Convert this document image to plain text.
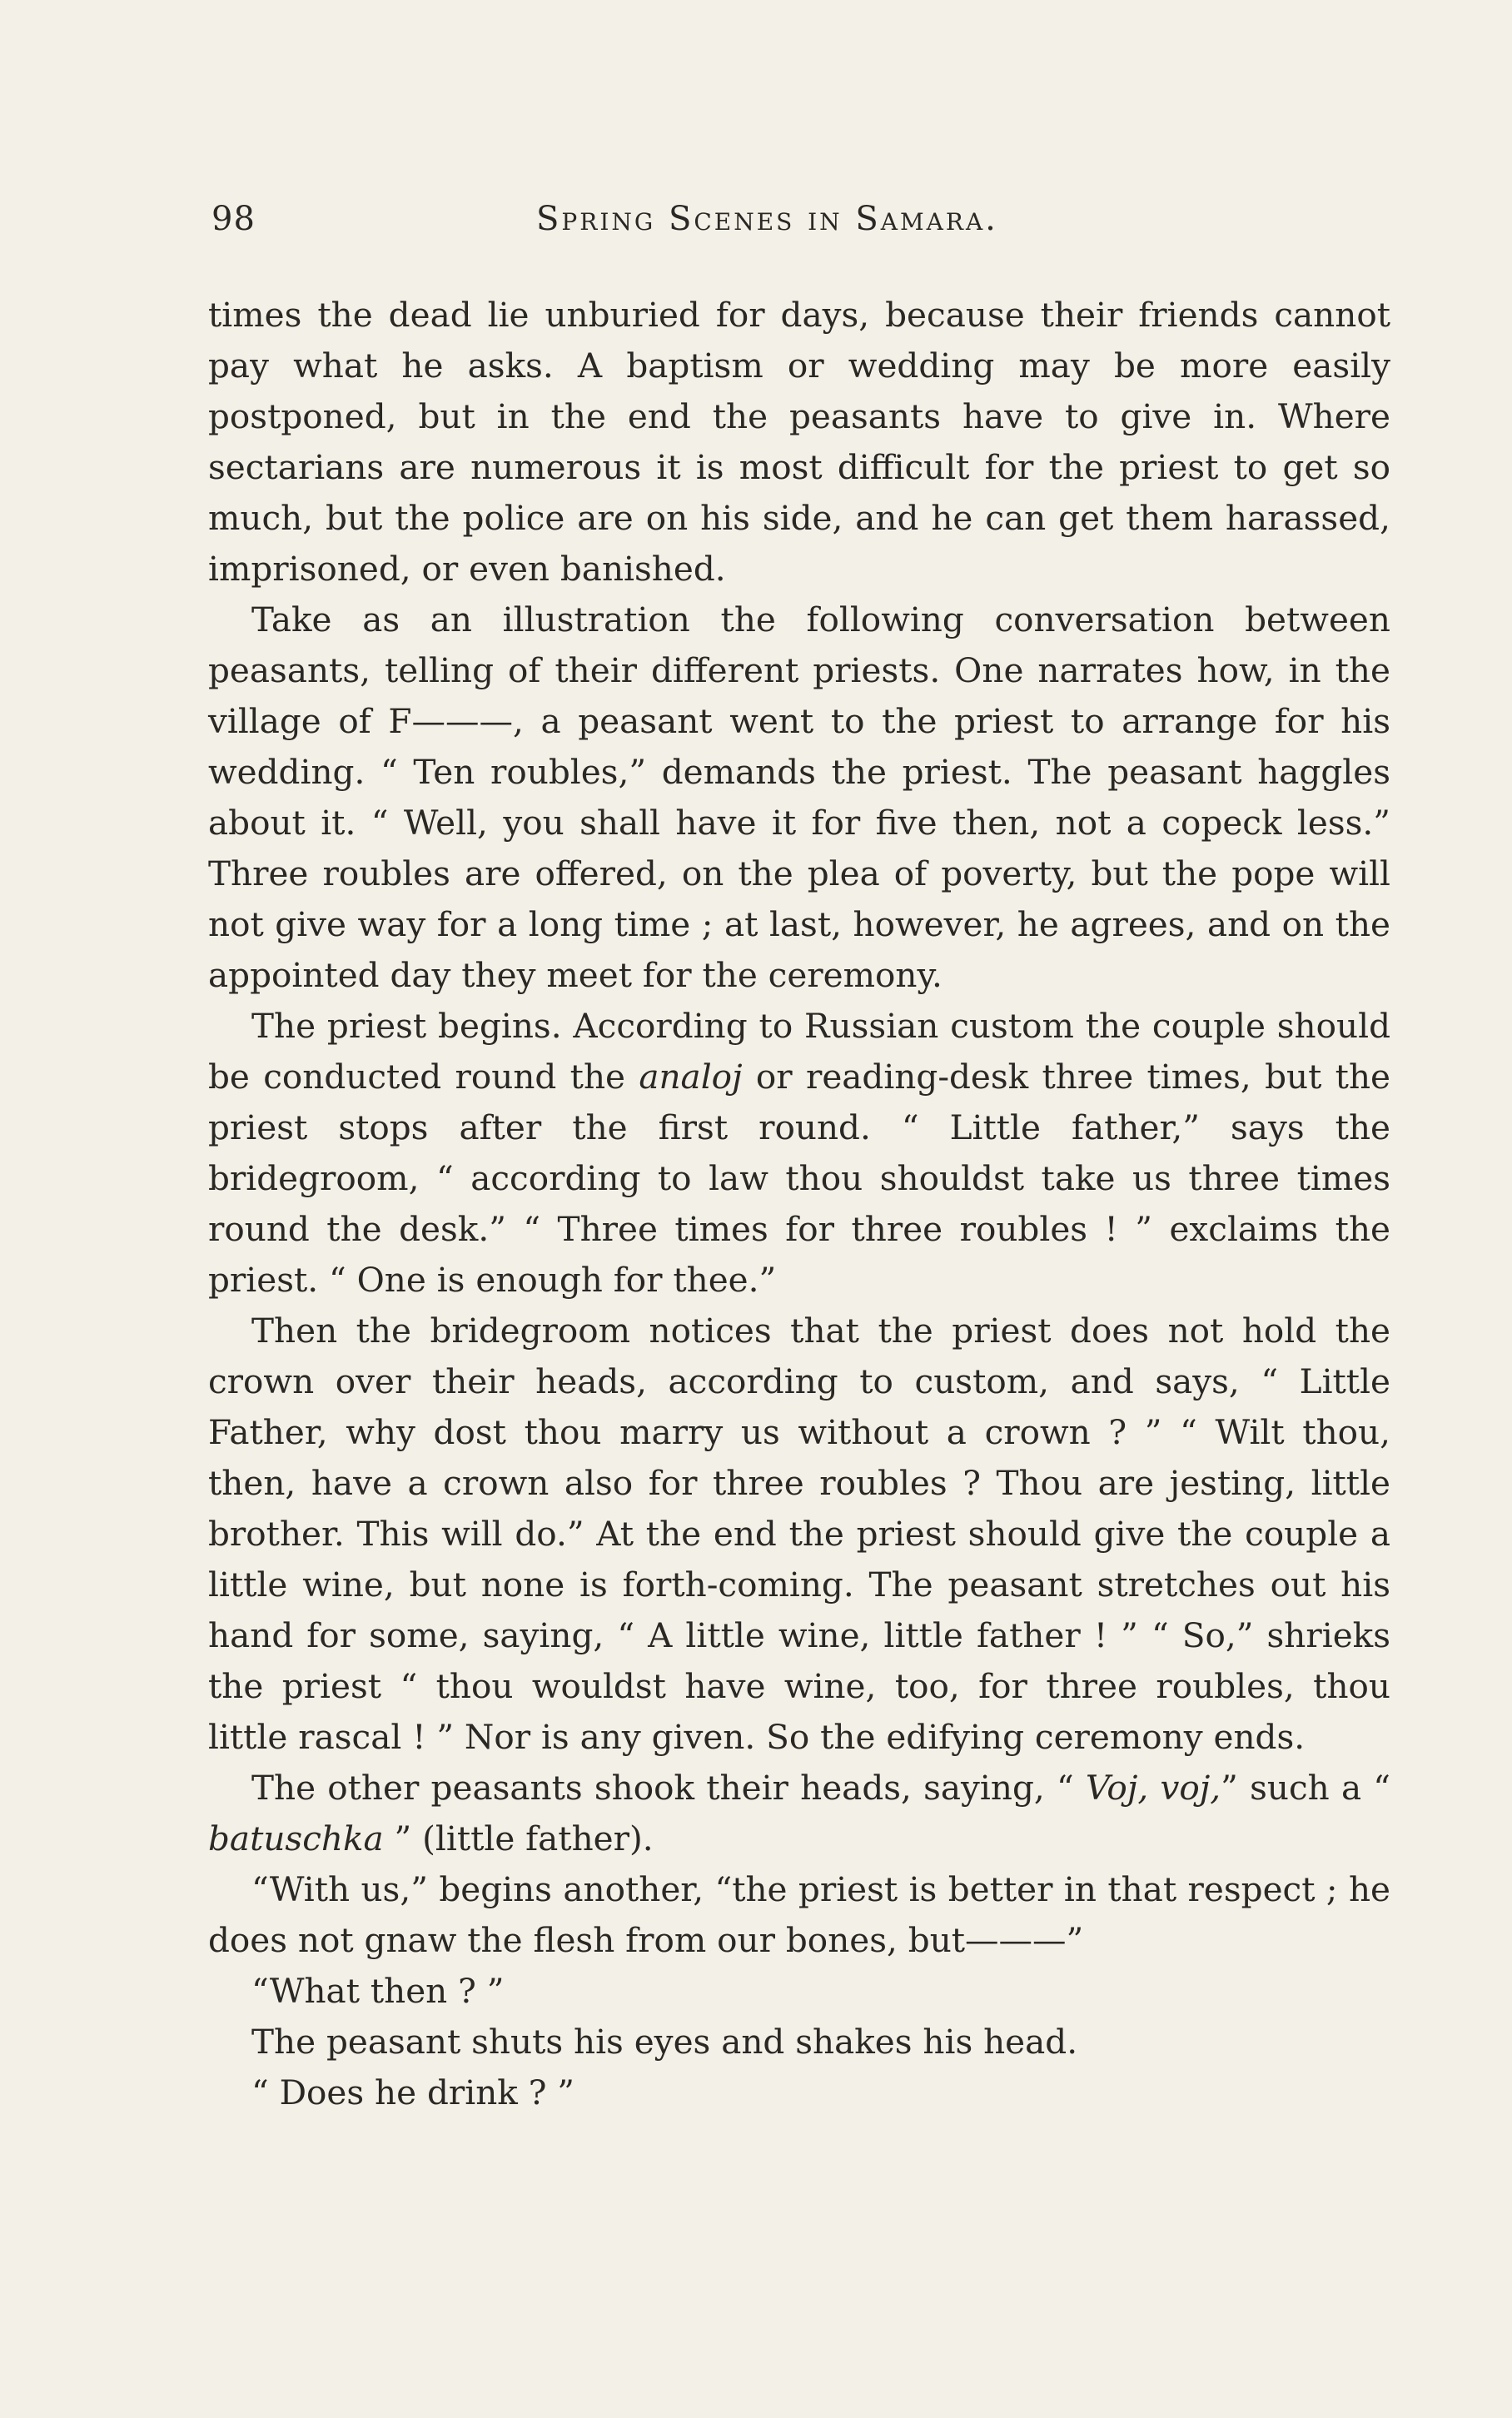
98	Spring Scenes in Samara.

times the dead lie unburied for days, because their friends cannot pay what he asks. A baptism or wedding may be more easily postponed, but in the end the peasants have to give in. Where sectarians are numerous it is most difficult for the priest to get so much, but the police are on his side, and he can get them harassed, imprisoned, or even banished.

Take as an illustration the following conversation between peasants, telling of their different priests. One narrates how, in the village of F———, a peasant went to the priest to arrange for his wedding. “ Ten roubles,” demands the priest. The peasant haggles about it. “ Well, you shall have it for five then, not a copeck less.” Three roubles are offered, on the plea of poverty, but the pope will not give way for a long time ; at last, however, he agrees, and on the appointed day they meet for the ceremony.

The priest begins. According to Russian custom the couple should be conducted round the analoj or reading-desk three times, but the priest stops after the first round. “ Little father,” says the bridegroom, “ according to law thou shouldst take us three times round the desk.” “ Three times for three roubles ! ” exclaims the priest. “ One is enough for thee.”

Then the bridegroom notices that the priest does not hold the crown over their heads, according to custom, and says, “ Little Father, why dost thou marry us without a crown ? ” “ Wilt thou, then, have a crown also for three roubles ? Thou are jesting, little brother. This will do.” At the end the priest should give the couple a little wine, but none is forth-coming. The peasant stretches out his hand for some, saying, “ A little wine, little father ! ” “ So,” shrieks the priest “ thou wouldst have wine, too, for three roubles, thou little rascal ! ” Nor is any given. So the edifying ceremony ends.

The other peasants shook their heads, saying, “ Voj, voj,” such a “ batuschka ” (little father).

“With us,” begins another, “the priest is better in that respect ; he does not gnaw the flesh from our bones, but———”

“What then ? ”

The peasant shuts his eyes and shakes his head.

“ Does he drink ? ”
